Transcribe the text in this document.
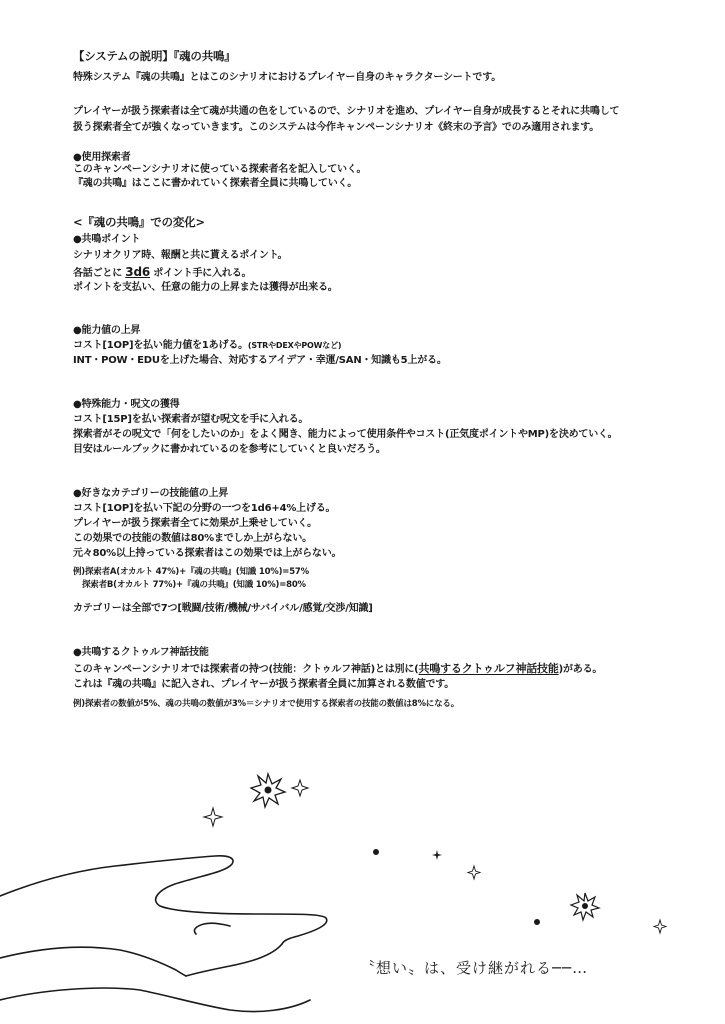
【システムの説明】『魂の共鳴』
特殊システム『魂の共鳴』とはこのシナリオにおけるプレイヤー自身のキャラクターシートです。
プレイヤーが扱う探索者は全て魂が共通の色をしているので、シナリオを進め、プレイヤー自身が成長するとそれに共鳴して
扱う探索者全てが強くなっていきます。このシステムは今作キャンペーンシナリオ《終末の予言》でのみ適用されます。
●使用探索者
このキャンペーンシナリオに使っている探索者名を記入していく。
『魂の共鳴』はここに書かれていく探索者全員に共鳴していく。
<『魂の共鳴』での変化>
●共鳴ポイント
シナリオクリア時、報酬と共に貰えるポイント。
各話ごとに 3d6 ポイント手に入れる。
ポイントを支払い、任意の能力の上昇または獲得が出来る。
●能力値の上昇
コスト[1OP]を払い能力値を1あげる。(STRやDEXやPOWなど)
INT・POW・EDUを上げた場合、対応するアイデア・幸運/SAN・知識も5上がる。
●特殊能力・呪文の獲得
コスト[15P]を払い探索者が望む呪文を手に入れる。
探索者がその呪文で「何をしたいのか」をよく聞き、能力によって使用条件やコスト(正気度ポイントやMP)を決めていく。
目安はルールブックに書かれているのを参考にしていくと良いだろう。
●好きなカテゴリーの技能値の上昇
コスト[1OP]を払い下記の分野の一つを1d6+4%上げる。
プレイヤーが扱う探索者全てに効果が上乗せしていく。
この効果での技能の数値は80%までしか上がらない。
元々80%以上持っている探索者はこの効果では上がらない。
例)探索者A(オカルト 47%)+『魂の共鳴』(知識 10%)=57%
探索者B(オカルト 77%)+『魂の共鳴』(知識 10%)=80%
カテゴリーは全部で7つ[戦闘/技術/機械/サバイバル/感覚/交渉/知識]
●共鳴するクトゥルフ神話技能
このキャンペーンシナリオでは探索者の持つ(技能：クトゥルフ神話)とは別に(共鳴するクトゥルフ神話技能)がある。
これは『魂の共鳴』に記入され、プレイヤーが扱う探索者全員に加算される数値です。
例)探索者の数値が5%、魂の共鳴の数値が3%＝シナリオで使用する探索者の技能の数値は8%になる。
〝想い〟は、受け継がれる──…
